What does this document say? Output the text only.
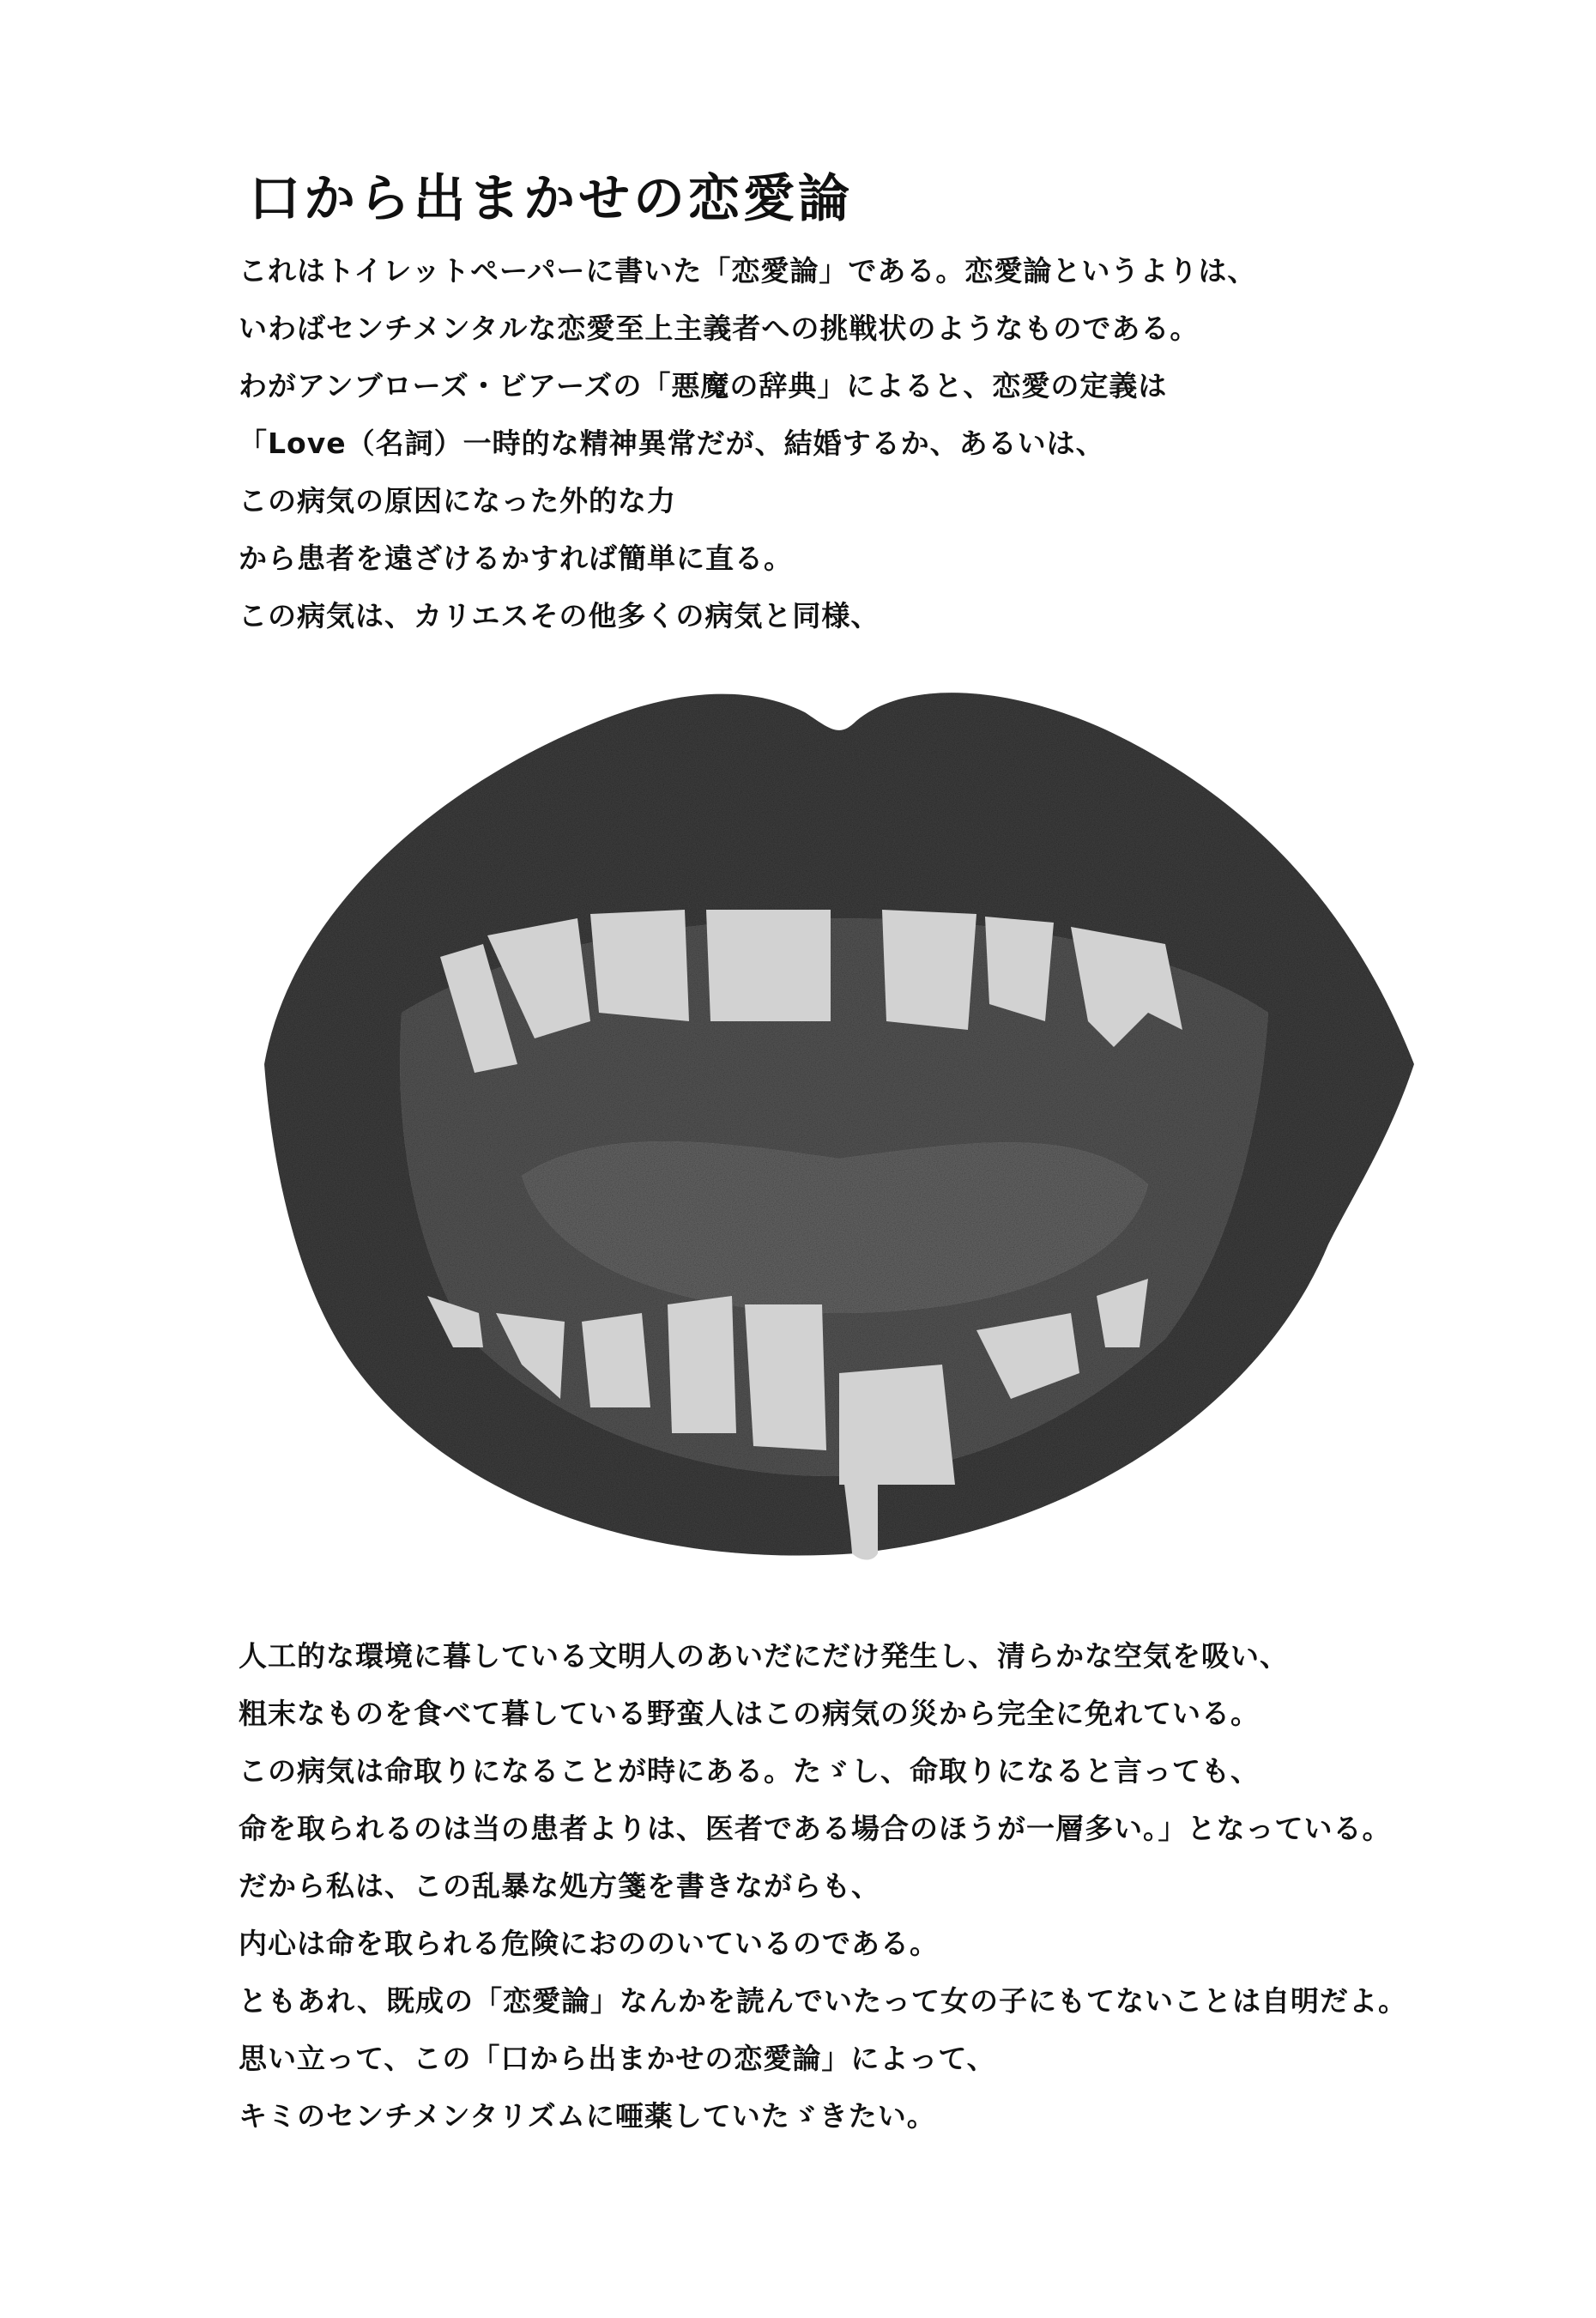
口から出まかせの恋愛論
これはトイレットペーパーに書いた「恋愛論」である。恋愛論というよりは、
いわばセンチメンタルな恋愛至上主義者への挑戦状のようなものである。
わがアンブローズ・ビアーズの「悪魔の辞典」によると、恋愛の定義は
「Love（名詞）一時的な精神異常だが、結婚するか、あるいは、
この病気の原因になった外的な力
から患者を遠ざけるかすれば簡単に直る。
この病気は、カリエスその他多くの病気と同様、
人工的な環境に暮している文明人のあいだにだけ発生し、清らかな空気を吸い、
粗末なものを食べて暮している野蛮人はこの病気の災から完全に免れている。
この病気は命取りになることが時にある。たゞし、命取りになると言っても、
命を取られるのは当の患者よりは、医者である場合のほうが一層多い。」となっている。
だから私は、この乱暴な処方箋を書きながらも、
内心は命を取られる危険におののいているのである。
ともあれ、既成の「恋愛論」なんかを読んでいたって女の子にもてないことは自明だよ。
思い立って、この「口から出まかせの恋愛論」によって、
キミのセンチメンタリズムに唖薬していたゞきたい。
